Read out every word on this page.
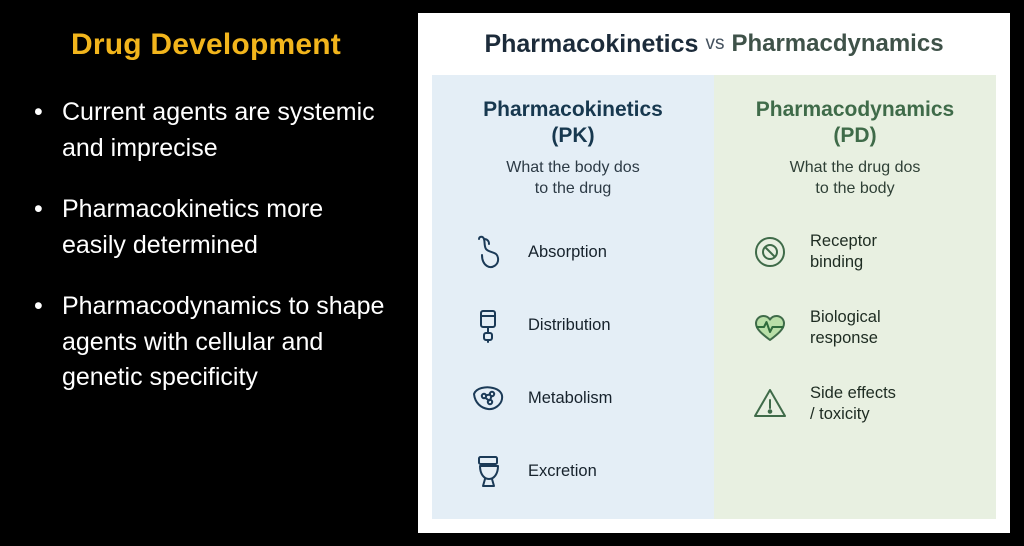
Drug Development
• Current agents are systemic and imprecise
• Pharmacokinetics more easily determined
• Pharmacodynamics to shape agents with cellular and genetic specificity
Pharmacokinetics vs Pharmacdynamics
Pharmacokinetics
(PK)
What the body dos
to the drug
Absorption
Distribution
Metabolism
Excretion
Pharmacodynamics
(PD)
What the drug dos
to the body
Receptor
binding
Biological
response
Side effects
/ toxicity
